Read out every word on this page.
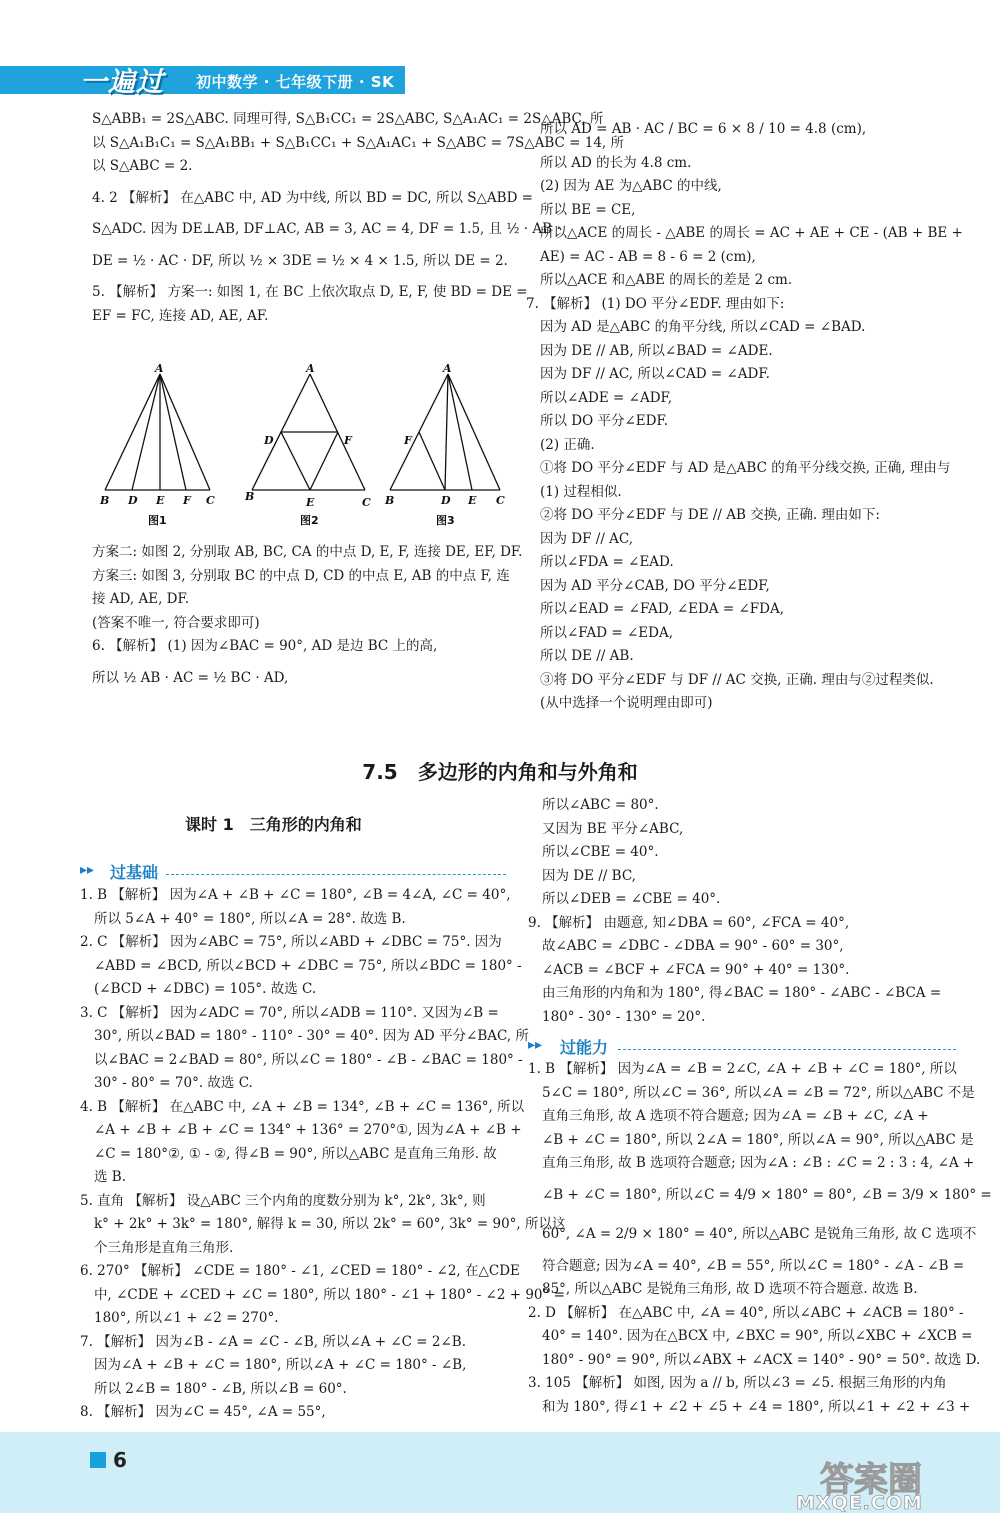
一遍过 初中数学 · 七年级下册 · SK

S△ABB₁ = 2S△ABC. 同理可得, S△B₁CC₁ = 2S△ABC, S△A₁AC₁ = 2S△ABC, 所

以 S△A₁B₁C₁ = S△A₁BB₁ + S△B₁CC₁ + S△A₁AC₁ + S△ABC = 7S△ABC = 14, 所

以 S△ABC = 2.

4. 2 【解析】 在△ABC 中, AD 为中线, 所以 BD = DC, 所以 S△ABD =

S△ADC. 因为 DE⊥AB, DF⊥AC, AB = 3, AC = 4, DF = 1.5, 且 ½ · AB ·

DE = ½ · AC · DF, 所以 ½ × 3DE = ½ × 4 × 1.5, 所以 DE = 2.

5. 【解析】 方案一: 如图 1, 在 BC 上依次取点 D, E, F, 使 BD = DE =

EF = FC, 连接 AD, AE, AF.

A
B D E F C
A
D	F
B	E	C
A
F
B	D E C
图1	图2	图3

方案二: 如图 2, 分别取 AB, BC, CA 的中点 D, E, F, 连接 DE, EF, DF.

方案三: 如图 3, 分别取 BC 的中点 D, CD 的中点 E, AB 的中点 F, 连

接 AD, AE, DF.

(答案不唯一, 符合要求即可)

6. 【解析】 (1) 因为∠BAC = 90°, AD 是边 BC 上的高,

所以 ½ AB · AC = ½ BC · AD,

所以 AD = AB · AC / BC = 6 × 8 / 10 = 4.8 (cm),

所以 AD 的长为 4.8 cm.

(2) 因为 AE 为△ABC 的中线,

所以 BE = CE,

所以△ACE 的周长 - △ABE 的周长 = AC + AE + CE - (AB + BE +

AE) = AC - AB = 8 - 6 = 2 (cm),

所以△ACE 和△ABE 的周长的差是 2 cm.

7. 【解析】 (1) DO 平分∠EDF. 理由如下:

因为 AD 是△ABC 的角平分线, 所以∠CAD = ∠BAD.

因为 DE // AB, 所以∠BAD = ∠ADE.

因为 DF // AC, 所以∠CAD = ∠ADF.

所以∠ADE = ∠ADF,

所以 DO 平分∠EDF.

(2) 正确.

①将 DO 平分∠EDF 与 AD 是△ABC 的角平分线交换, 正确, 理由与

(1) 过程相似.

②将 DO 平分∠EDF 与 DE // AB 交换, 正确. 理由如下:

因为 DF // AC,

所以∠FDA = ∠EAD.

因为 AD 平分∠CAB, DO 平分∠EDF,

所以∠EAD = ∠FAD, ∠EDA = ∠FDA,

所以∠FAD = ∠EDA,

所以 DE // AB.

③将 DO 平分∠EDF 与 DF // AC 交换, 正确. 理由与②过程类似.

(从中选择一个说明理由即可)

7.5　多边形的内角和与外角和
课时 1　三角形的内角和
▸▸ 过基础

1. B 【解析】 因为∠A + ∠B + ∠C = 180°, ∠B = 4∠A, ∠C = 40°,

所以 5∠A + 40° = 180°, 所以∠A = 28°. 故选 B.

2. C 【解析】 因为∠ABC = 75°, 所以∠ABD + ∠DBC = 75°. 因为

∠ABD = ∠BCD, 所以∠BCD + ∠DBC = 75°, 所以∠BDC = 180° -

(∠BCD + ∠DBC) = 105°. 故选 C.

3. C 【解析】 因为∠ADC = 70°, 所以∠ADB = 110°. 又因为∠B =

30°, 所以∠BAD = 180° - 110° - 30° = 40°. 因为 AD 平分∠BAC, 所

以∠BAC = 2∠BAD = 80°, 所以∠C = 180° - ∠B - ∠BAC = 180° -

30° - 80° = 70°. 故选 C.

4. B 【解析】 在△ABC 中, ∠A + ∠B = 134°, ∠B + ∠C = 136°, 所以

∠A + ∠B + ∠B + ∠C = 134° + 136° = 270°①, 因为∠A + ∠B +

∠C = 180°②, ① - ②, 得∠B = 90°, 所以△ABC 是直角三角形. 故

选 B.

5. 直角 【解析】 设△ABC 三个内角的度数分别为 k°, 2k°, 3k°, 则

k° + 2k° + 3k° = 180°, 解得 k = 30, 所以 2k° = 60°, 3k° = 90°, 所以这

个三角形是直角三角形.

6. 270° 【解析】 ∠CDE = 180° - ∠1, ∠CED = 180° - ∠2, 在△CDE

中, ∠CDE + ∠CED + ∠C = 180°, 所以 180° - ∠1 + 180° - ∠2 + 90° =

180°, 所以∠1 + ∠2 = 270°.

7. 【解析】 因为∠B - ∠A = ∠C - ∠B, 所以∠A + ∠C = 2∠B.

因为∠A + ∠B + ∠C = 180°, 所以∠A + ∠C = 180° - ∠B,

所以 2∠B = 180° - ∠B, 所以∠B = 60°.

8. 【解析】 因为∠C = 45°, ∠A = 55°,

所以∠ABC = 80°.

又因为 BE 平分∠ABC,

所以∠CBE = 40°.

因为 DE // BC,

所以∠DEB = ∠CBE = 40°.

9. 【解析】 由题意, 知∠DBA = 60°, ∠FCA = 40°,

故∠ABC = ∠DBC - ∠DBA = 90° - 60° = 30°,

∠ACB = ∠BCF + ∠FCA = 90° + 40° = 130°.

由三角形的内角和为 180°, 得∠BAC = 180° - ∠ABC - ∠BCA =

180° - 30° - 130° = 20°.

▸▸ 过能力

1. B 【解析】 因为∠A = ∠B = 2∠C, ∠A + ∠B + ∠C = 180°, 所以

5∠C = 180°, 所以∠C = 36°, 所以∠A = ∠B = 72°, 所以△ABC 不是

直角三角形, 故 A 选项不符合题意; 因为∠A = ∠B + ∠C, ∠A +

∠B + ∠C = 180°, 所以 2∠A = 180°, 所以∠A = 90°, 所以△ABC 是

直角三角形, 故 B 选项符合题意; 因为∠A : ∠B : ∠C = 2 : 3 : 4, ∠A +

∠B + ∠C = 180°, 所以∠C = 4/9 × 180° = 80°, ∠B = 3/9 × 180° =

60°, ∠A = 2/9 × 180° = 40°, 所以△ABC 是锐角三角形, 故 C 选项不

符合题意; 因为∠A = 40°, ∠B = 55°, 所以∠C = 180° - ∠A - ∠B =

85°, 所以△ABC 是锐角三角形, 故 D 选项不符合题意. 故选 B.

2. D 【解析】 在△ABC 中, ∠A = 40°, 所以∠ABC + ∠ACB = 180° -

40° = 140°. 因为在△BCX 中, ∠BXC = 90°, 所以∠XBC + ∠XCB =

180° - 90° = 90°, 所以∠ABX + ∠ACX = 140° - 90° = 50°. 故选 D.

3. 105 【解析】 如图, 因为 a // b, 所以∠3 = ∠5. 根据三角形的内角

和为 180°, 得∠1 + ∠2 + ∠5 + ∠4 = 180°, 所以∠1 + ∠2 + ∠3 +

6	答案圈
MXQE.COM
